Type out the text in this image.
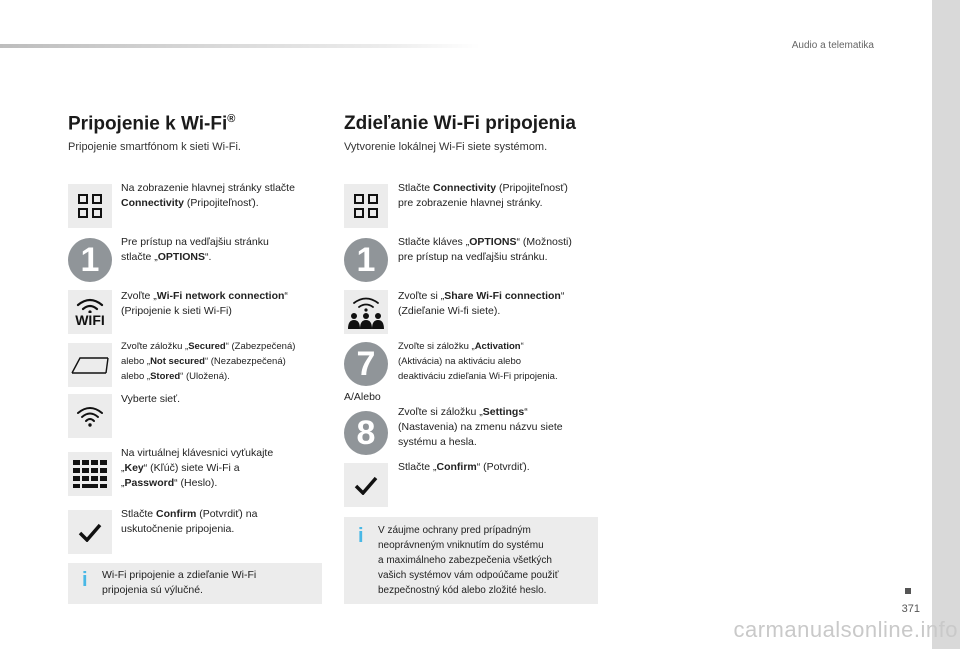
Audio a telematika
Pripojenie k Wi-Fi®
Pripojenie smartfónom k sieti Wi-Fi.
Na zobrazenie hlavnej stránky stlačte
Connectivity (Pripojiteľnosť).
1	Pre prístup na vedľajšiu stránku
stlačte „OPTIONS“.
WIFI
Zvoľte „Wi-Fi network connection“
(Pripojenie k sieti Wi-Fi)
Zvoľte záložku „Secured“ (Zabezpečená)
alebo „Not secured“ (Nezabezpečená)
alebo „Stored“ (Uložená).
Vyberte sieť.
Na virtuálnej klávesnici vyťukajte
„Key“ (Kľúč) siete Wi-Fi a
„Password“ (Heslo).
Stlačte Confirm (Potvrdiť) na
uskutočnenie pripojenia.
i Wi-Fi pripojenie a zdieľanie Wi-Fi
pripojenia sú výlučné.
Zdieľanie Wi-Fi pripojenia
Vytvorenie lokálnej Wi-Fi siete systémom.
Stlačte Connectivity (Pripojiteľnosť)
pre zobrazenie hlavnej stránky.
1	Stlačte kláves „OPTIONS“ (Možnosti)
pre prístup na vedľajšiu stránku.
Zvoľte si „Share Wi-Fi connection“
(Zdieľanie Wi-fi siete).
7	Zvoľte si záložku „Activation“
(Aktivácia) na aktiváciu alebo
deaktiváciu zdieľania Wi-Fi pripojenia.
A/Alebo
8
Zvoľte si záložku „Settings“
(Nastavenia) na zmenu názvu siete
systému a hesla.
Stlačte „Confirm“ (Potvrdiť).
i V záujme ochrany pred prípadným
neoprávneným vniknutím do systému
a maximálneho zabezpečenia všetkých
vašich systémov vám odpoúčame použiť
bezpečnostný kód alebo zložité heslo.
371
carmanualsonline.info
